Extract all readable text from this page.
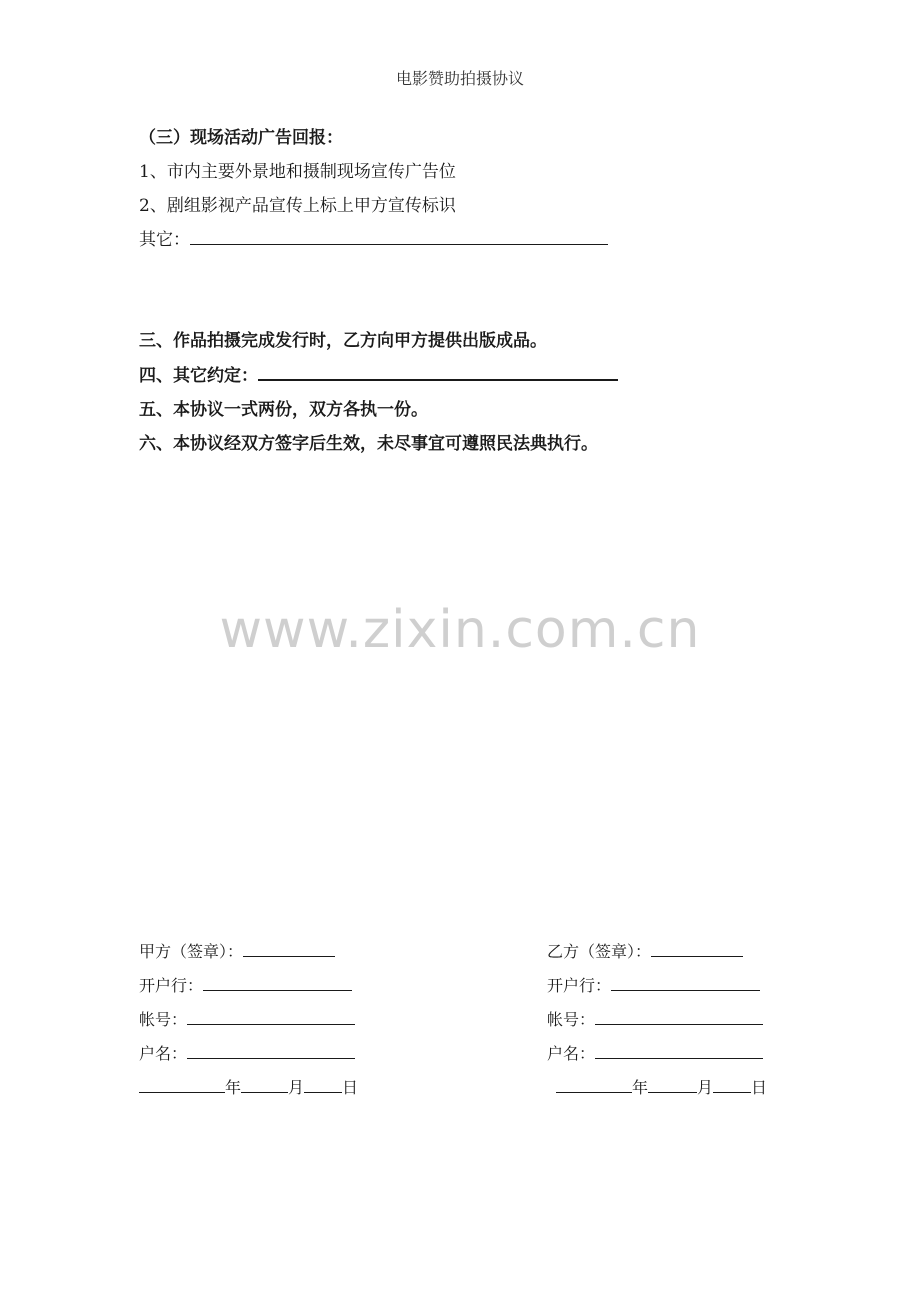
电影赞助拍摄协议
（三）现场活动广告回报：
1、市内主要外景地和摄制现场宣传广告位
2、剧组影视产品宣传上标上甲方宣传标识
其它：
三、作品拍摄完成发行时，乙方向甲方提供出版成品。
四、其它约定：
五、本协议一式两份，双方各执一份。
六、本协议经双方签字后生效，未尽事宜可遵照民法典执行。
www.zixin.com.cn
甲方（签章）：
开户行：
帐号：
户名：
年	月 日
乙方（签章）：
开户行：
帐号：
户名：
年	月 日
